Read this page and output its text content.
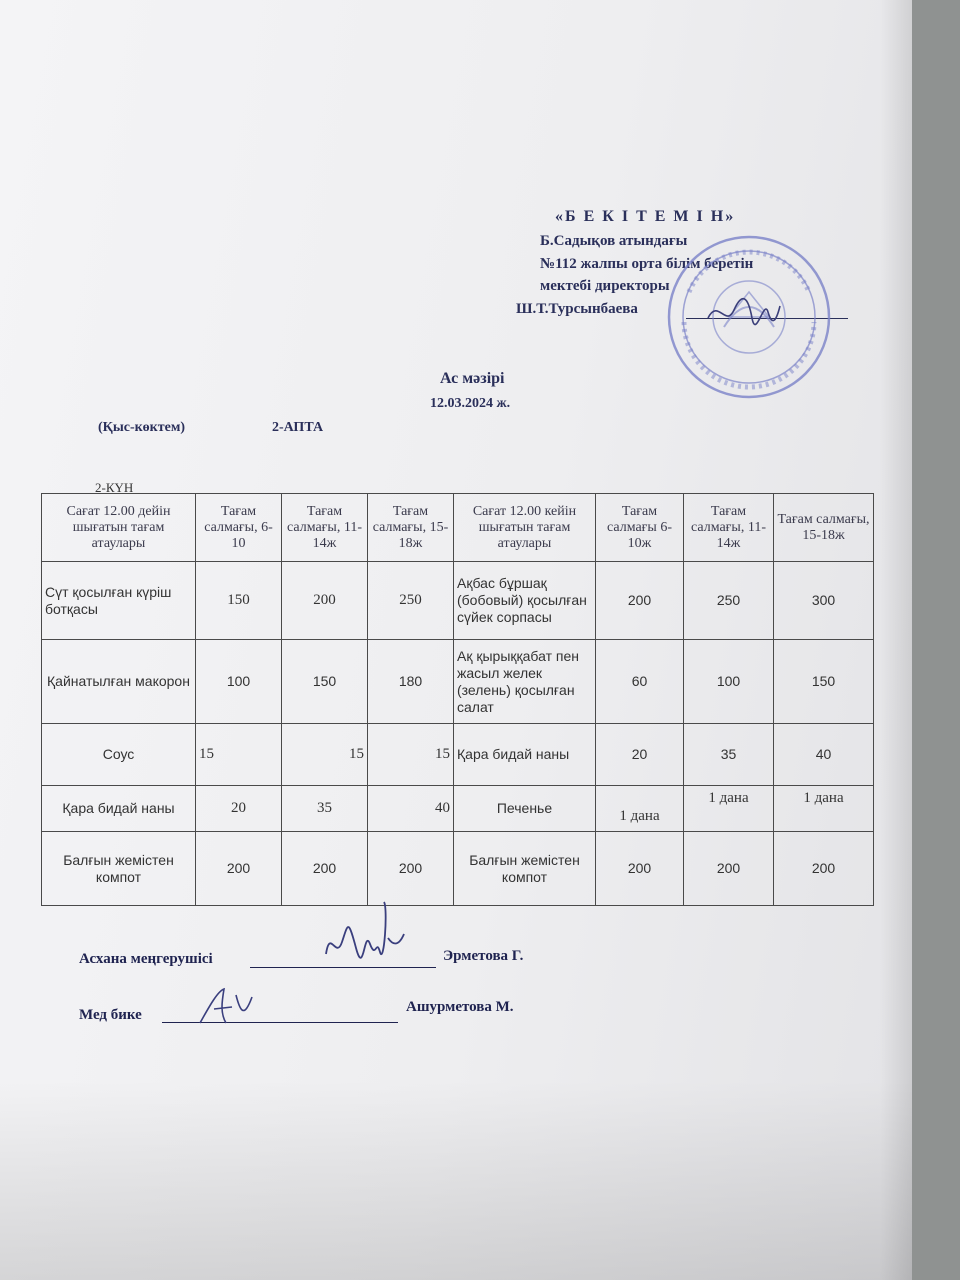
«Б Е К І Т Е М І Н»
Б.Садықов атындағы
№112 жалпы орта білім беретін
мектебі директоры
Ш.Т.Турсынбаева
Ас мәзірі
12.03.2024 ж.
(Қыс-көктем)	2-АПТА
2-КҮН
Сағат 12.00 дейін шығатын тағам атаулары	Тағам салмағы, 6-10	Тағам салмағы, 11-14ж	Тағам салмағы, 15-18ж	Сағат 12.00 кейін шығатын тағам атаулары	Тағам салмағы 6-10ж	Тағам салмағы, 11-14ж	Тағам салмағы, 15-18ж
Сүт қосылған күріш ботқасы	150	200	250	Ақбас бұршақ (бобовый) қосылған сүйек сорпасы	200	250	300
Қайнатылған макорон	100	150	180	Ақ қырыққабат пен жасыл желек (зелень) қосылған салат	60	100	150
Соус	15	15	15	Қара бидай наны	20	35	40
Қара бидай наны	20	35	40	Печенье	1 дана	1 дана	1 дана
Балғын жемістен компот	200	200	200	Балғын жемістен компот	200	200	200
Асхана меңгерушісі	Эрметова Г.
Мед бике	Ашурметова М.
